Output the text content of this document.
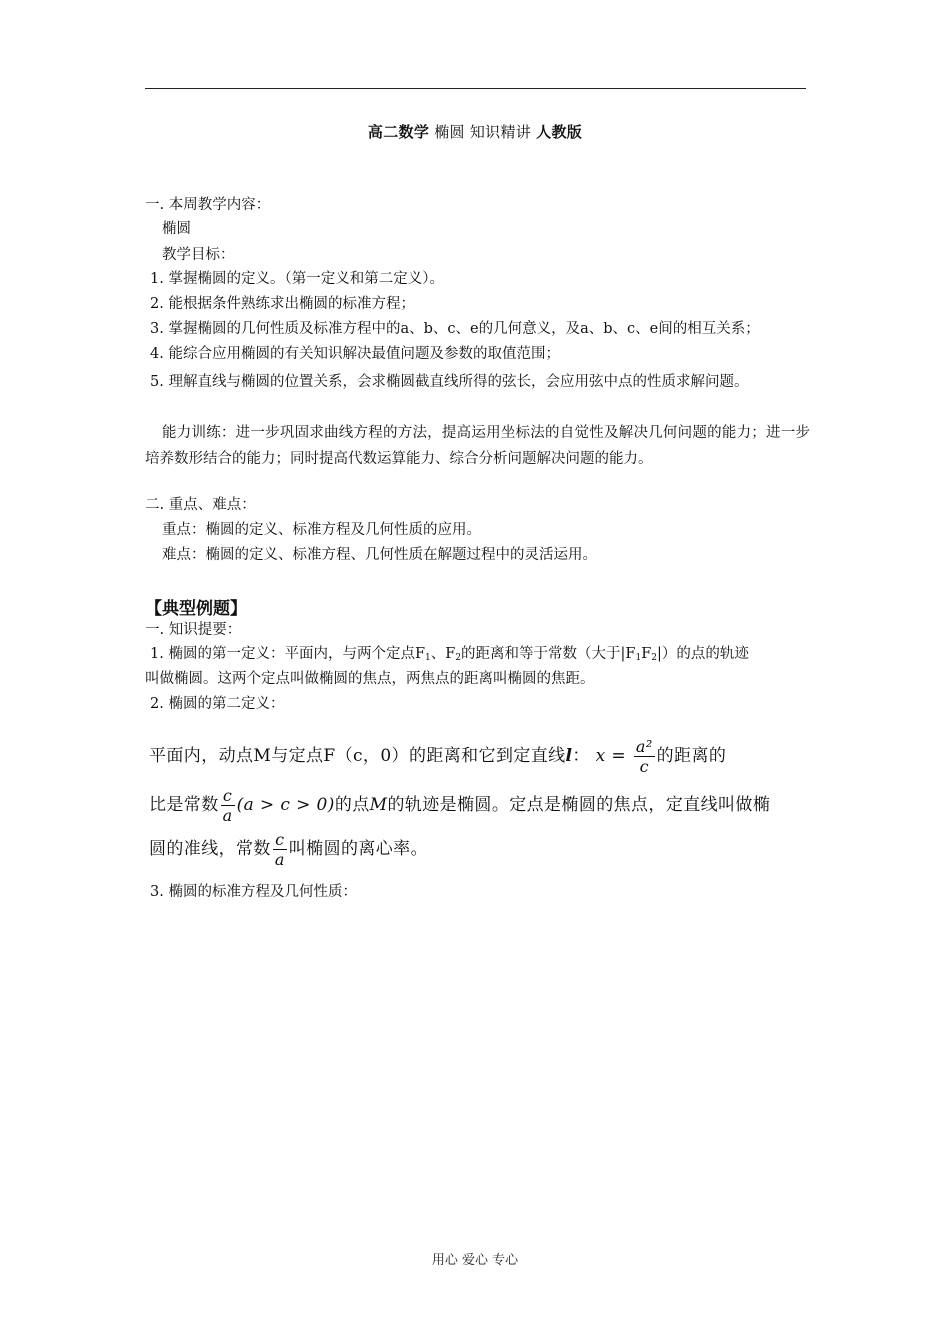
高二数学 椭圆 知识精讲 人教版
一. 本周教学内容：
椭圆
教学目标：
1. 掌握椭圆的定义。（第一定义和第二定义）。
2. 能根据条件熟练求出椭圆的标准方程；
3. 掌握椭圆的几何性质及标准方程中的a、b、c、e的几何意义，及a、b、c、e间的相互关系；
4. 能综合应用椭圆的有关知识解决最值问题及参数的取值范围；
5. 理解直线与椭圆的位置关系，会求椭圆截直线所得的弦长，会应用弦中点的性质求解问题。
能力训练：进一步巩固求曲线方程的方法，提高运用坐标法的自觉性及解决几何问题的能力；进一步培养数形结合的能力；同时提高代数运算能力、综合分析问题解决问题的能力。
二. 重点、难点：
重点：椭圆的定义、标准方程及几何性质的应用。
难点：椭圆的定义、标准方程、几何性质在解题过程中的灵活运用。
【典型例题】
一. 知识提要：
1. 椭圆的第一定义：平面内，与两个定点$F_1$、$F_2$的距离和等于常数（大于$|F_1F_2|$）的点的轨迹
叫做椭圆。这两个定点叫做椭圆的焦点，两焦点的距离叫椭圆的焦距。
2. 椭圆的第二定义：
平面内，动点M与定点F（c，0）的距离和它到定直线l： $x = \frac{\text{a²}}{c}$ 的距离的
比是常数 $\frac{c}{a} (a > c > 0)$的点M的轨迹是椭圆。定点是椭圆的焦点，定直线叫做椭
圆的准线，常数 $\frac{c}{a}$ 叫椭圆的离心率。
3. 椭圆的标准方程及几何性质：
用心 爱心 专心
